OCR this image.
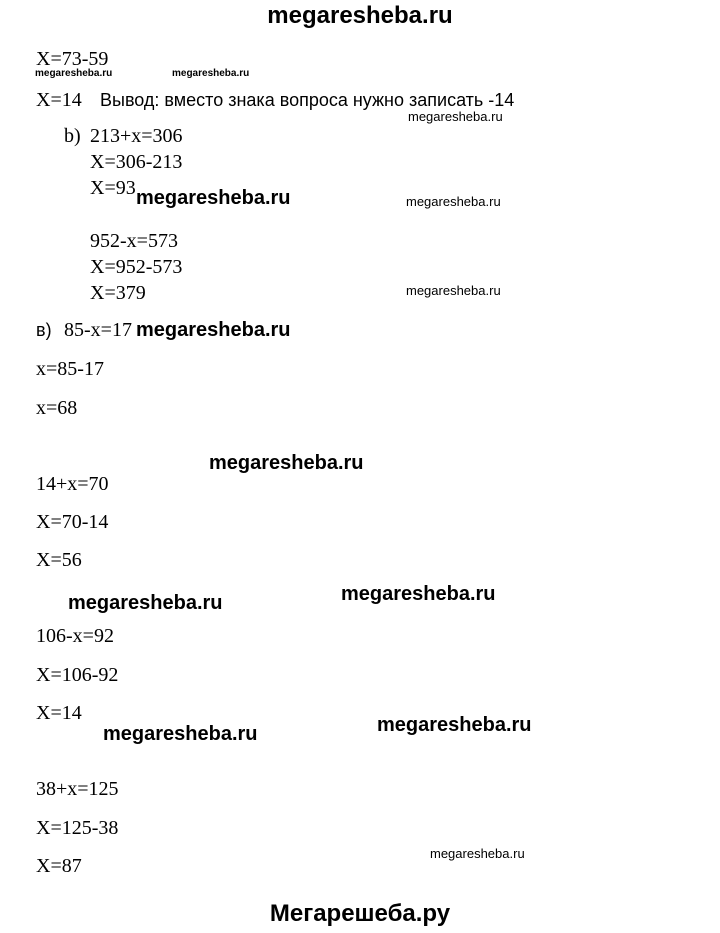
megaresheba.ru
X=73-59
megaresheba.ru	megaresheba.ru
X=14 Вывод: вместо знака вопроса нужно записать -14
megaresheba.ru
b) 213+x=306
X=306-213
X=93 megaresheba.ru	megaresheba.ru
952-x=573
X=952-573
X=379	megaresheba.ru
в) 85-x=17 megaresheba.ru
x=85-17
x=68
megaresheba.ru
14+x=70
X=70-14
X=56
megaresheba.ru
megaresheba.ru
106-x=92
X=106-92
X=14
megaresheba.ru
megaresheba.ru
38+x=125
X=125-38
megaresheba.ru
X=87
Мегарешеба.ру
